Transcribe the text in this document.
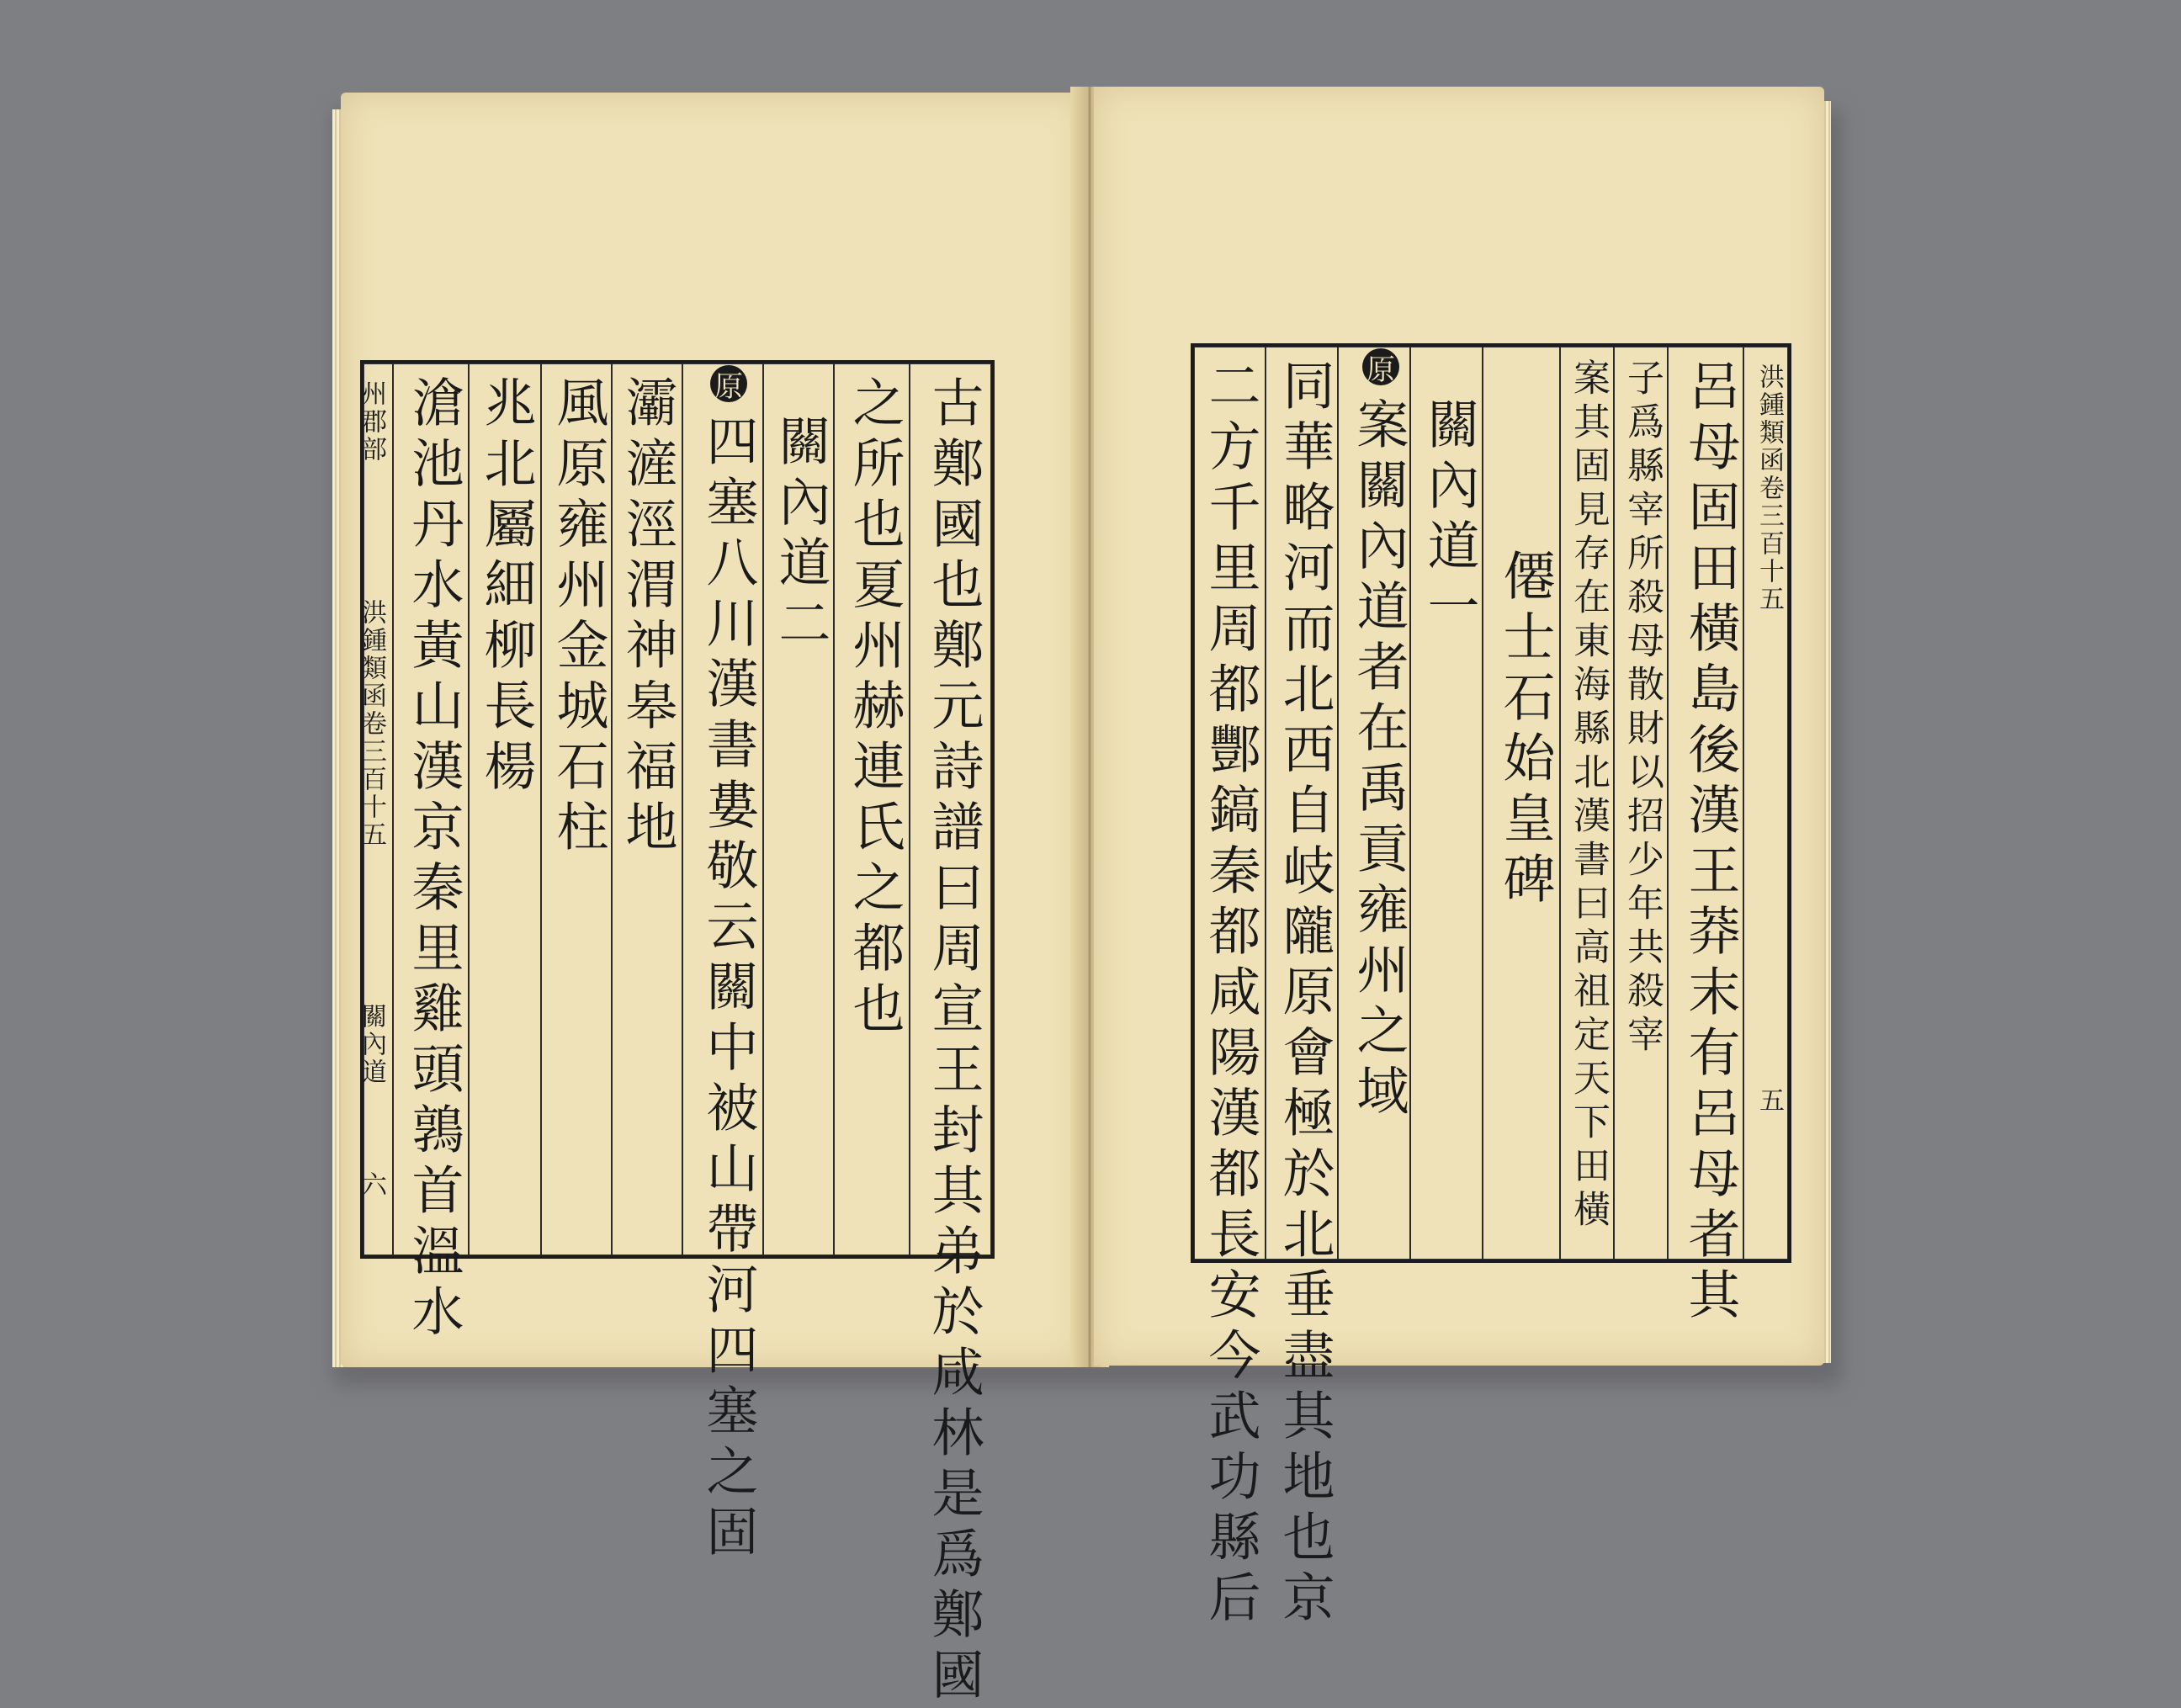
古鄭國也鄭元詩譜曰周宣王封其弟於咸林是爲鄭國
之所也夏州赫連氏之都也
關內道二
原
四塞八川漢書婁敬云關中被山帶河四塞之固
灞滻涇渭神皋福地
風原雍州金城石柱
兆北屬細柳長楊
滄池丹水黃山漢京秦里雞頭鶉首溫水
州郡部
洪鍾類函卷三百十五
關內道
六
洪鍾類函卷三百十五
五
呂母固田橫島後漢王莽末有呂母者其
子爲縣宰所殺母散財以招少年共殺宰
案其固見存在東海縣北漢書曰高祖定天下田橫
僊士石始皇碑
關內道一
原
案關內道者在禹貢雍州之域
同華略河而北西自岐隴原會極於北垂盡其地也京
二方千里周都酆鎬秦都咸陽漢都長安今武功縣后
